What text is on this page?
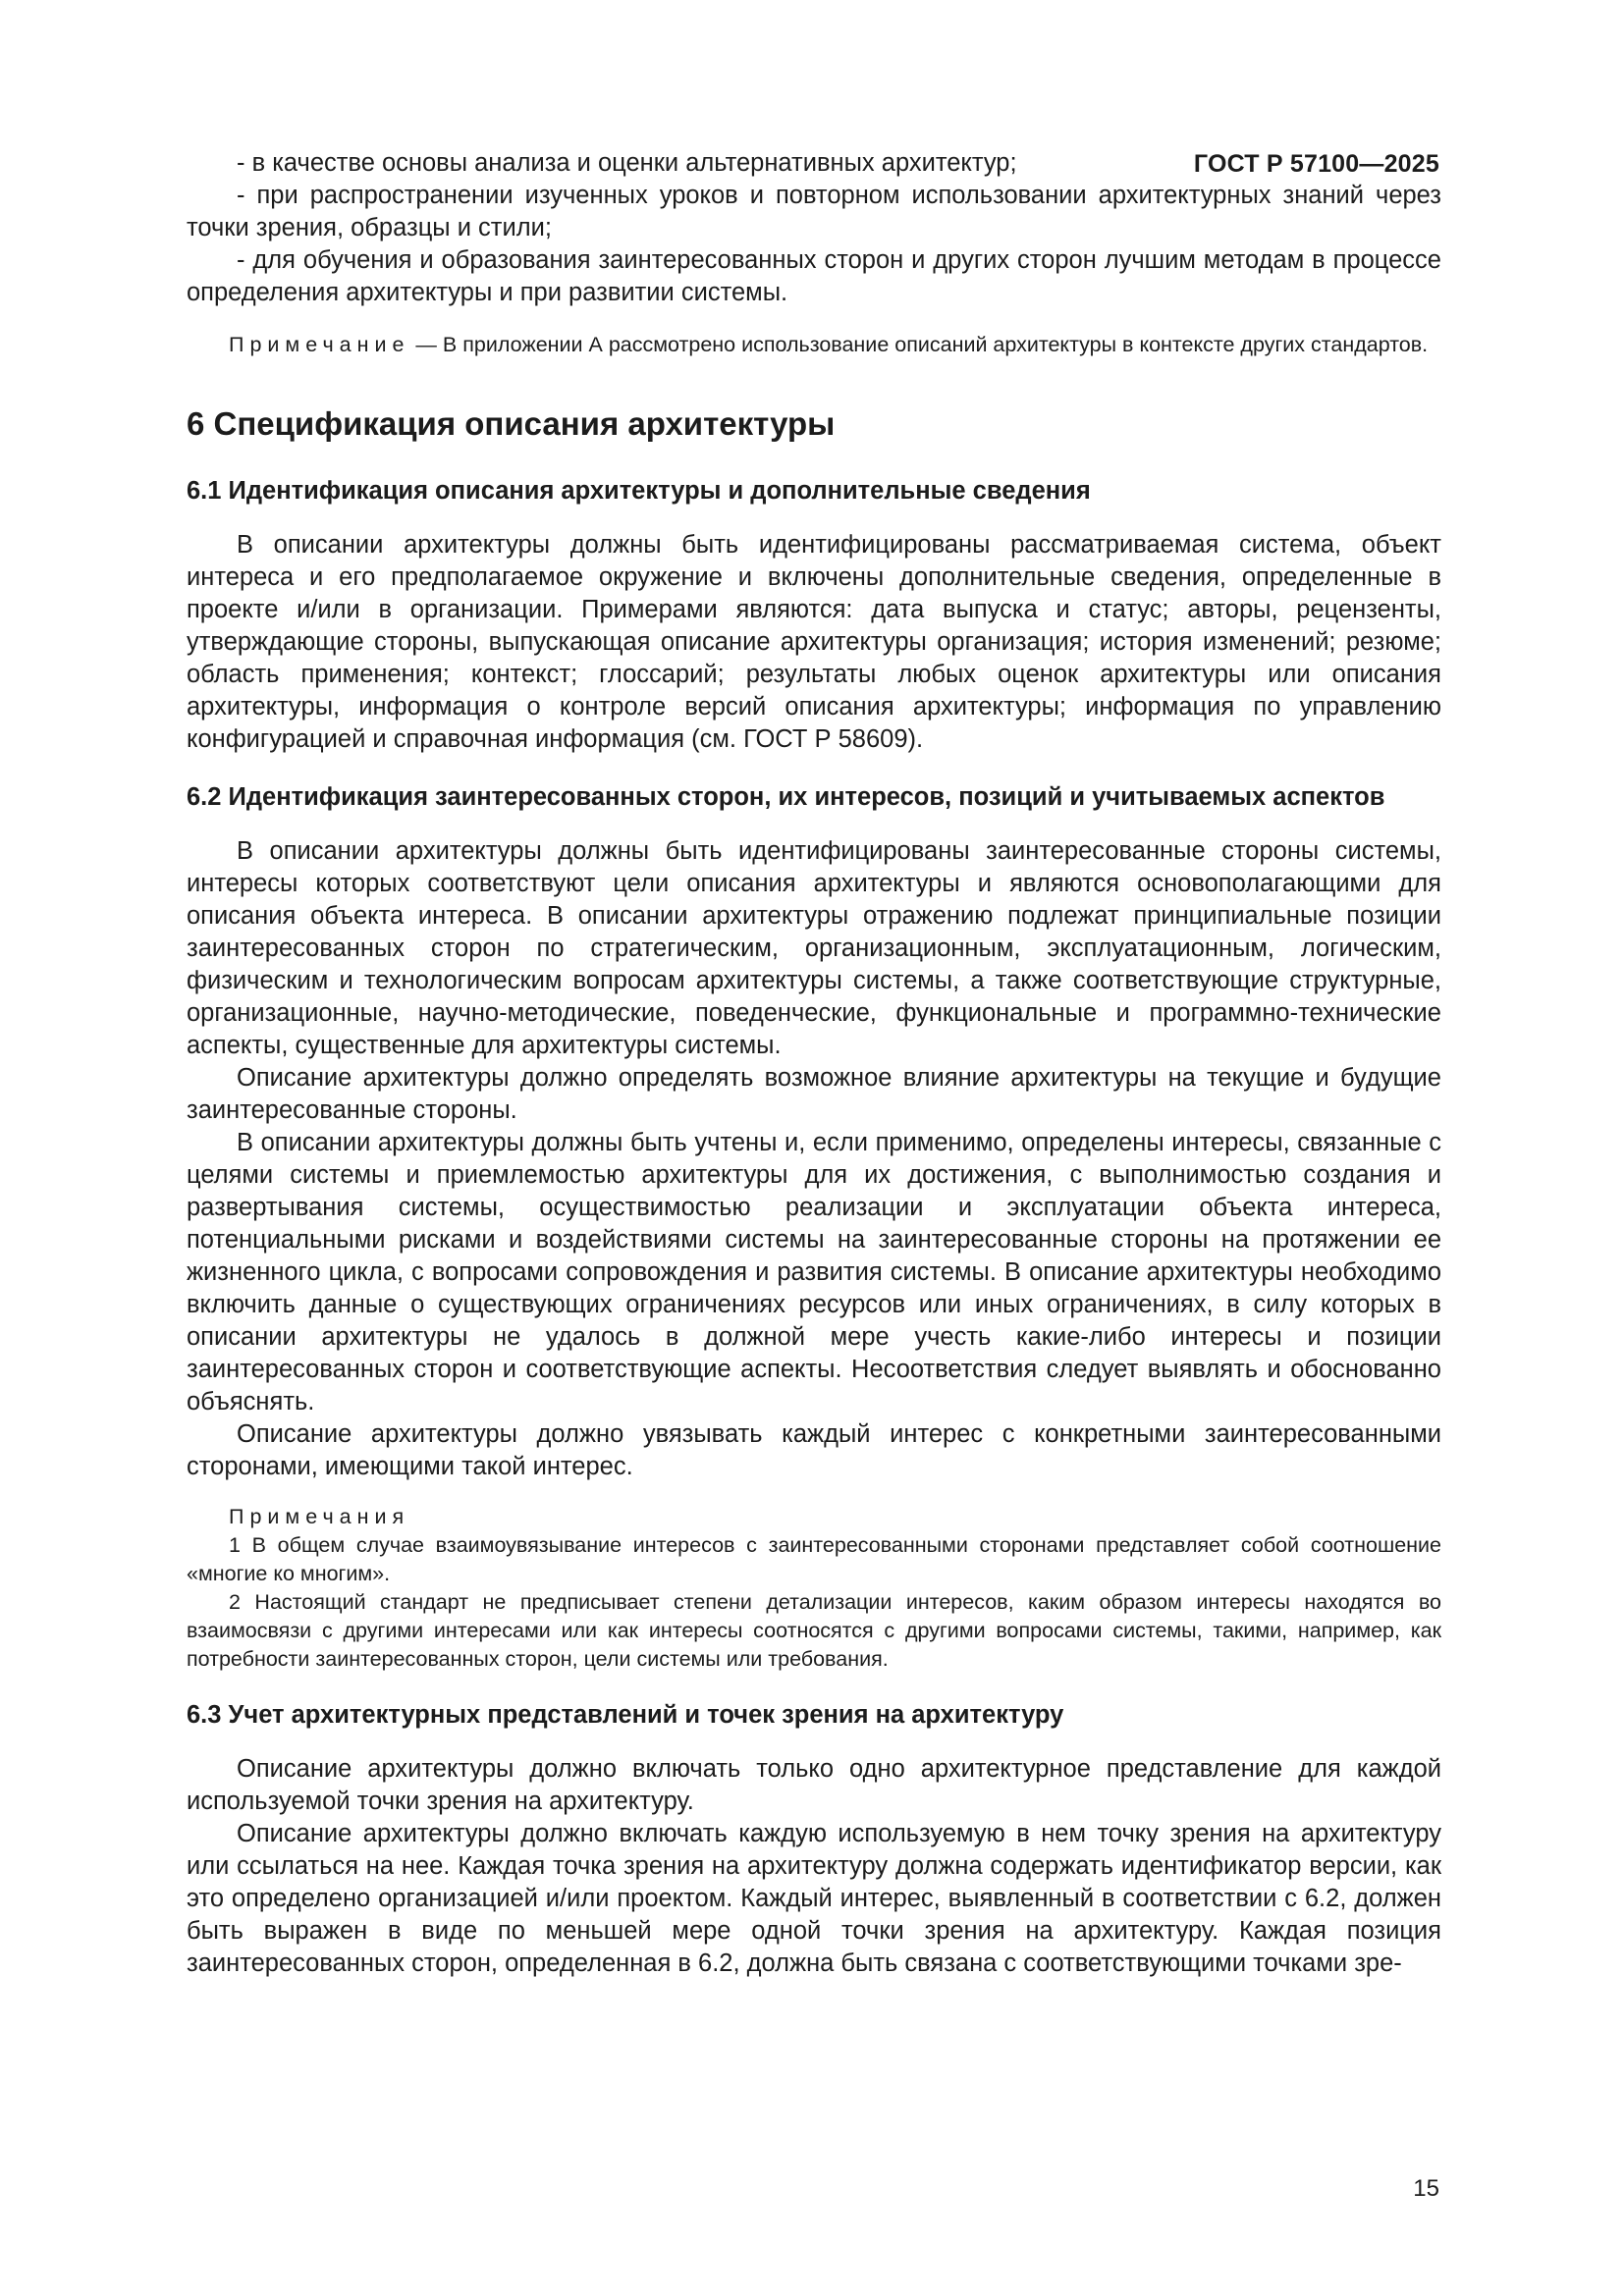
ГОСТ Р 57100—2025

- в качестве основы анализа и оценки альтернативных архитектур;

- при распространении изученных уроков и повторном использовании архитектурных знаний через точки зрения, образцы и стили;

- для обучения и образования заинтересованных сторон и других сторон лучшим методам в процессе определения архитектуры и при развитии системы.

Примечание — В приложении А рассмотрено использование описаний архитектуры в контексте других стандартов.

6 Спецификация описания архитектуры
6.1 Идентификация описания архитектуры и дополнительные сведения

В описании архитектуры должны быть идентифицированы рассматриваемая система, объект интереса и его предполагаемое окружение и включены дополнительные сведения, определенные в проекте и/или в организации. Примерами являются: дата выпуска и статус; авторы, рецензенты, утверждающие стороны, выпускающая описание архитектуры организация; история изменений; резюме; область применения; контекст; глоссарий; результаты любых оценок архитектуры или описания архитектуры, информация о контроле версий описания архитектуры; информация по управлению конфигурацией и справочная информация (см. ГОСТ Р 58609).

6.2 Идентификация заинтересованных сторон, их интересов, позиций и учитываемых аспектов

В описании архитектуры должны быть идентифицированы заинтересованные стороны системы, интересы которых соответствуют цели описания архитектуры и являются основополагающими для описания объекта интереса. В описании архитектуры отражению подлежат принципиальные позиции заинтересованных сторон по стратегическим, организационным, эксплуатационным, логическим, физическим и технологическим вопросам архитектуры системы, а также соответствующие структурные, организационные, научно-методические, поведенческие, функциональные и программно-технические аспекты, существенные для архитектуры системы.

Описание архитектуры должно определять возможное влияние архитектуры на текущие и будущие заинтересованные стороны.

В описании архитектуры должны быть учтены и, если применимо, определены интересы, связанные с целями системы и приемлемостью архитектуры для их достижения, с выполнимостью создания и развертывания системы, осуществимостью реализации и эксплуатации объекта интереса, потенциальными рисками и воздействиями системы на заинтересованные стороны на протяжении ее жизненного цикла, с вопросами сопровождения и развития системы. В описание архитектуры необходимо включить данные о существующих ограничениях ресурсов или иных ограничениях, в силу которых в описании архитектуры не удалось в должной мере учесть какие-либо интересы и позиции заинтересованных сторон и соответствующие аспекты. Несоответствия следует выявлять и обоснованно объяснять.

Описание архитектуры должно увязывать каждый интерес с конкретными заинтересованными сторонами, имеющими такой интерес.

Примечания

1 В общем случае взаимоувязывание интересов с заинтересованными сторонами представляет собой соотношение «многие ко многим».

2 Настоящий стандарт не предписывает степени детализации интересов, каким образом интересы находятся во взаимосвязи с другими интересами или как интересы соотносятся с другими вопросами системы, такими, например, как потребности заинтересованных сторон, цели системы или требования.

6.3 Учет архитектурных представлений и точек зрения на архитектуру

Описание архитектуры должно включать только одно архитектурное представление для каждой используемой точки зрения на архитектуру.

Описание архитектуры должно включать каждую используемую в нем точку зрения на архитектуру или ссылаться на нее. Каждая точка зрения на архитектуру должна содержать идентификатор версии, как это определено организацией и/или проектом. Каждый интерес, выявленный в соответствии с 6.2, должен быть выражен в виде по меньшей мере одной точки зрения на архитектуру. Каждая позиция заинтересованных сторон, определенная в 6.2, должна быть связана с соответствующими точками зре-

15
